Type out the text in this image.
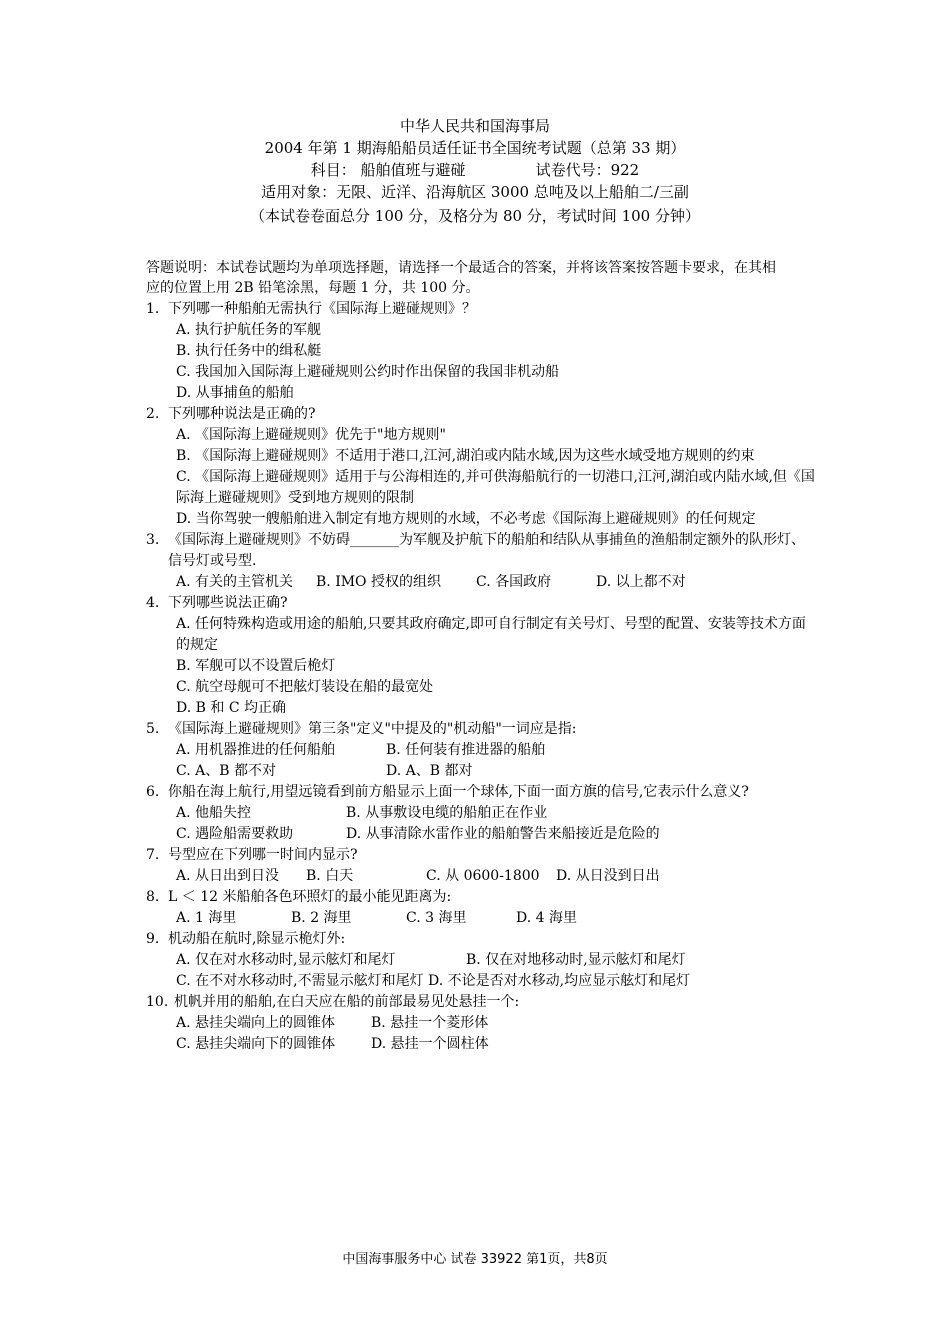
中华人民共和国海事局
2004 年第 1 期海船船员适任证书全国统考试题（总第 33 期）
科目： 船舶值班与避碰	试卷代号：922
适用对象：无限、近洋、沿海航区 3000 总吨及以上船舶二/三副
（本试卷卷面总分 100 分，及格分为 80 分，考试时间 100 分钟）
答题说明：本试卷试题均为单项选择题，请选择一个最适合的答案，并将该答案按答题卡要求，在其相应的位置上用 2B 铅笔涂黑，每题 1 分，共 100 分。
1. 下列哪一种船舶无需执行《国际海上避碰规则》？
A. 执行护航任务的军舰
B. 执行任务中的缉私艇
C. 我国加入国际海上避碰规则公约时作出保留的我国非机动船
D. 从事捕鱼的船舶
2. 下列哪种说法是正确的?
A. 《国际海上避碰规则》优先于"地方规则"
B. 《国际海上避碰规则》不适用于港口,江河,湖泊或内陆水域,因为这些水域受地方规则的约束
C. 《国际海上避碰规则》适用于与公海相连的,并可供海船航行的一切港口,江河,湖泊或内陆水域,但《国际海上避碰规则》受到地方规则的限制
D. 当你驾驶一艘船舶进入制定有地方规则的水域，不必考虑《国际海上避碰规则》的任何规定
3. 《国际海上避碰规则》不妨碍_______为军舰及护航下的船舶和结队从事捕鱼的渔船制定额外的队形灯、信号灯或号型.
A. 有关的主管机关 B. IMO 授权的组织	C. 各国政府	D. 以上都不对
4. 下列哪些说法正确?
A. 任何特殊构造或用途的船舶,只要其政府确定,即可自行制定有关号灯、号型的配置、安装等技术方面的规定
B. 军舰可以不设置后桅灯
C. 航空母舰可不把舷灯装设在船的最宽处
D. B 和 C 均正确
5. 《国际海上避碰规则》第三条"定义"中提及的"机动船"一词应是指:
A. 用机器推进的任何船舶	B. 任何装有推进器的船舶
C. A、B 都不对	D. A、B 都对
6. 你船在海上航行,用望远镜看到前方船显示上面一个球体,下面一面方旗的信号,它表示什么意义?
A. 他船失控	B. 从事敷设电缆的船舶正在作业
C. 遇险船需要救助	D. 从事清除水雷作业的船舶警告来船接近是危险的
7. 号型应在下列哪一时间内显示?
A. 从日出到日没 B. 白天	C. 从 0600-1800 D. 从日没到日出
8. L ＜ 12 米船舶各色环照灯的最小能见距离为:
A. 1 海里	B. 2 海里	C. 3 海里	D. 4 海里
9. 机动船在航时,除显示桅灯外:
A. 仅在对水移动时,显示舷灯和尾灯	B. 仅在对地移动时,显示舷灯和尾灯
C. 在不对水移动时,不需显示舷灯和尾灯 D. 不论是否对水移动,均应显示舷灯和尾灯
10. 机帆并用的船舶,在白天应在船的前部最易见处悬挂一个:
A. 悬挂尖端向上的圆锥体	B. 悬挂一个菱形体
C. 悬挂尖端向下的圆锥体	D. 悬挂一个圆柱体
中国海事服务中心 试卷 33922 第1页，共8页
